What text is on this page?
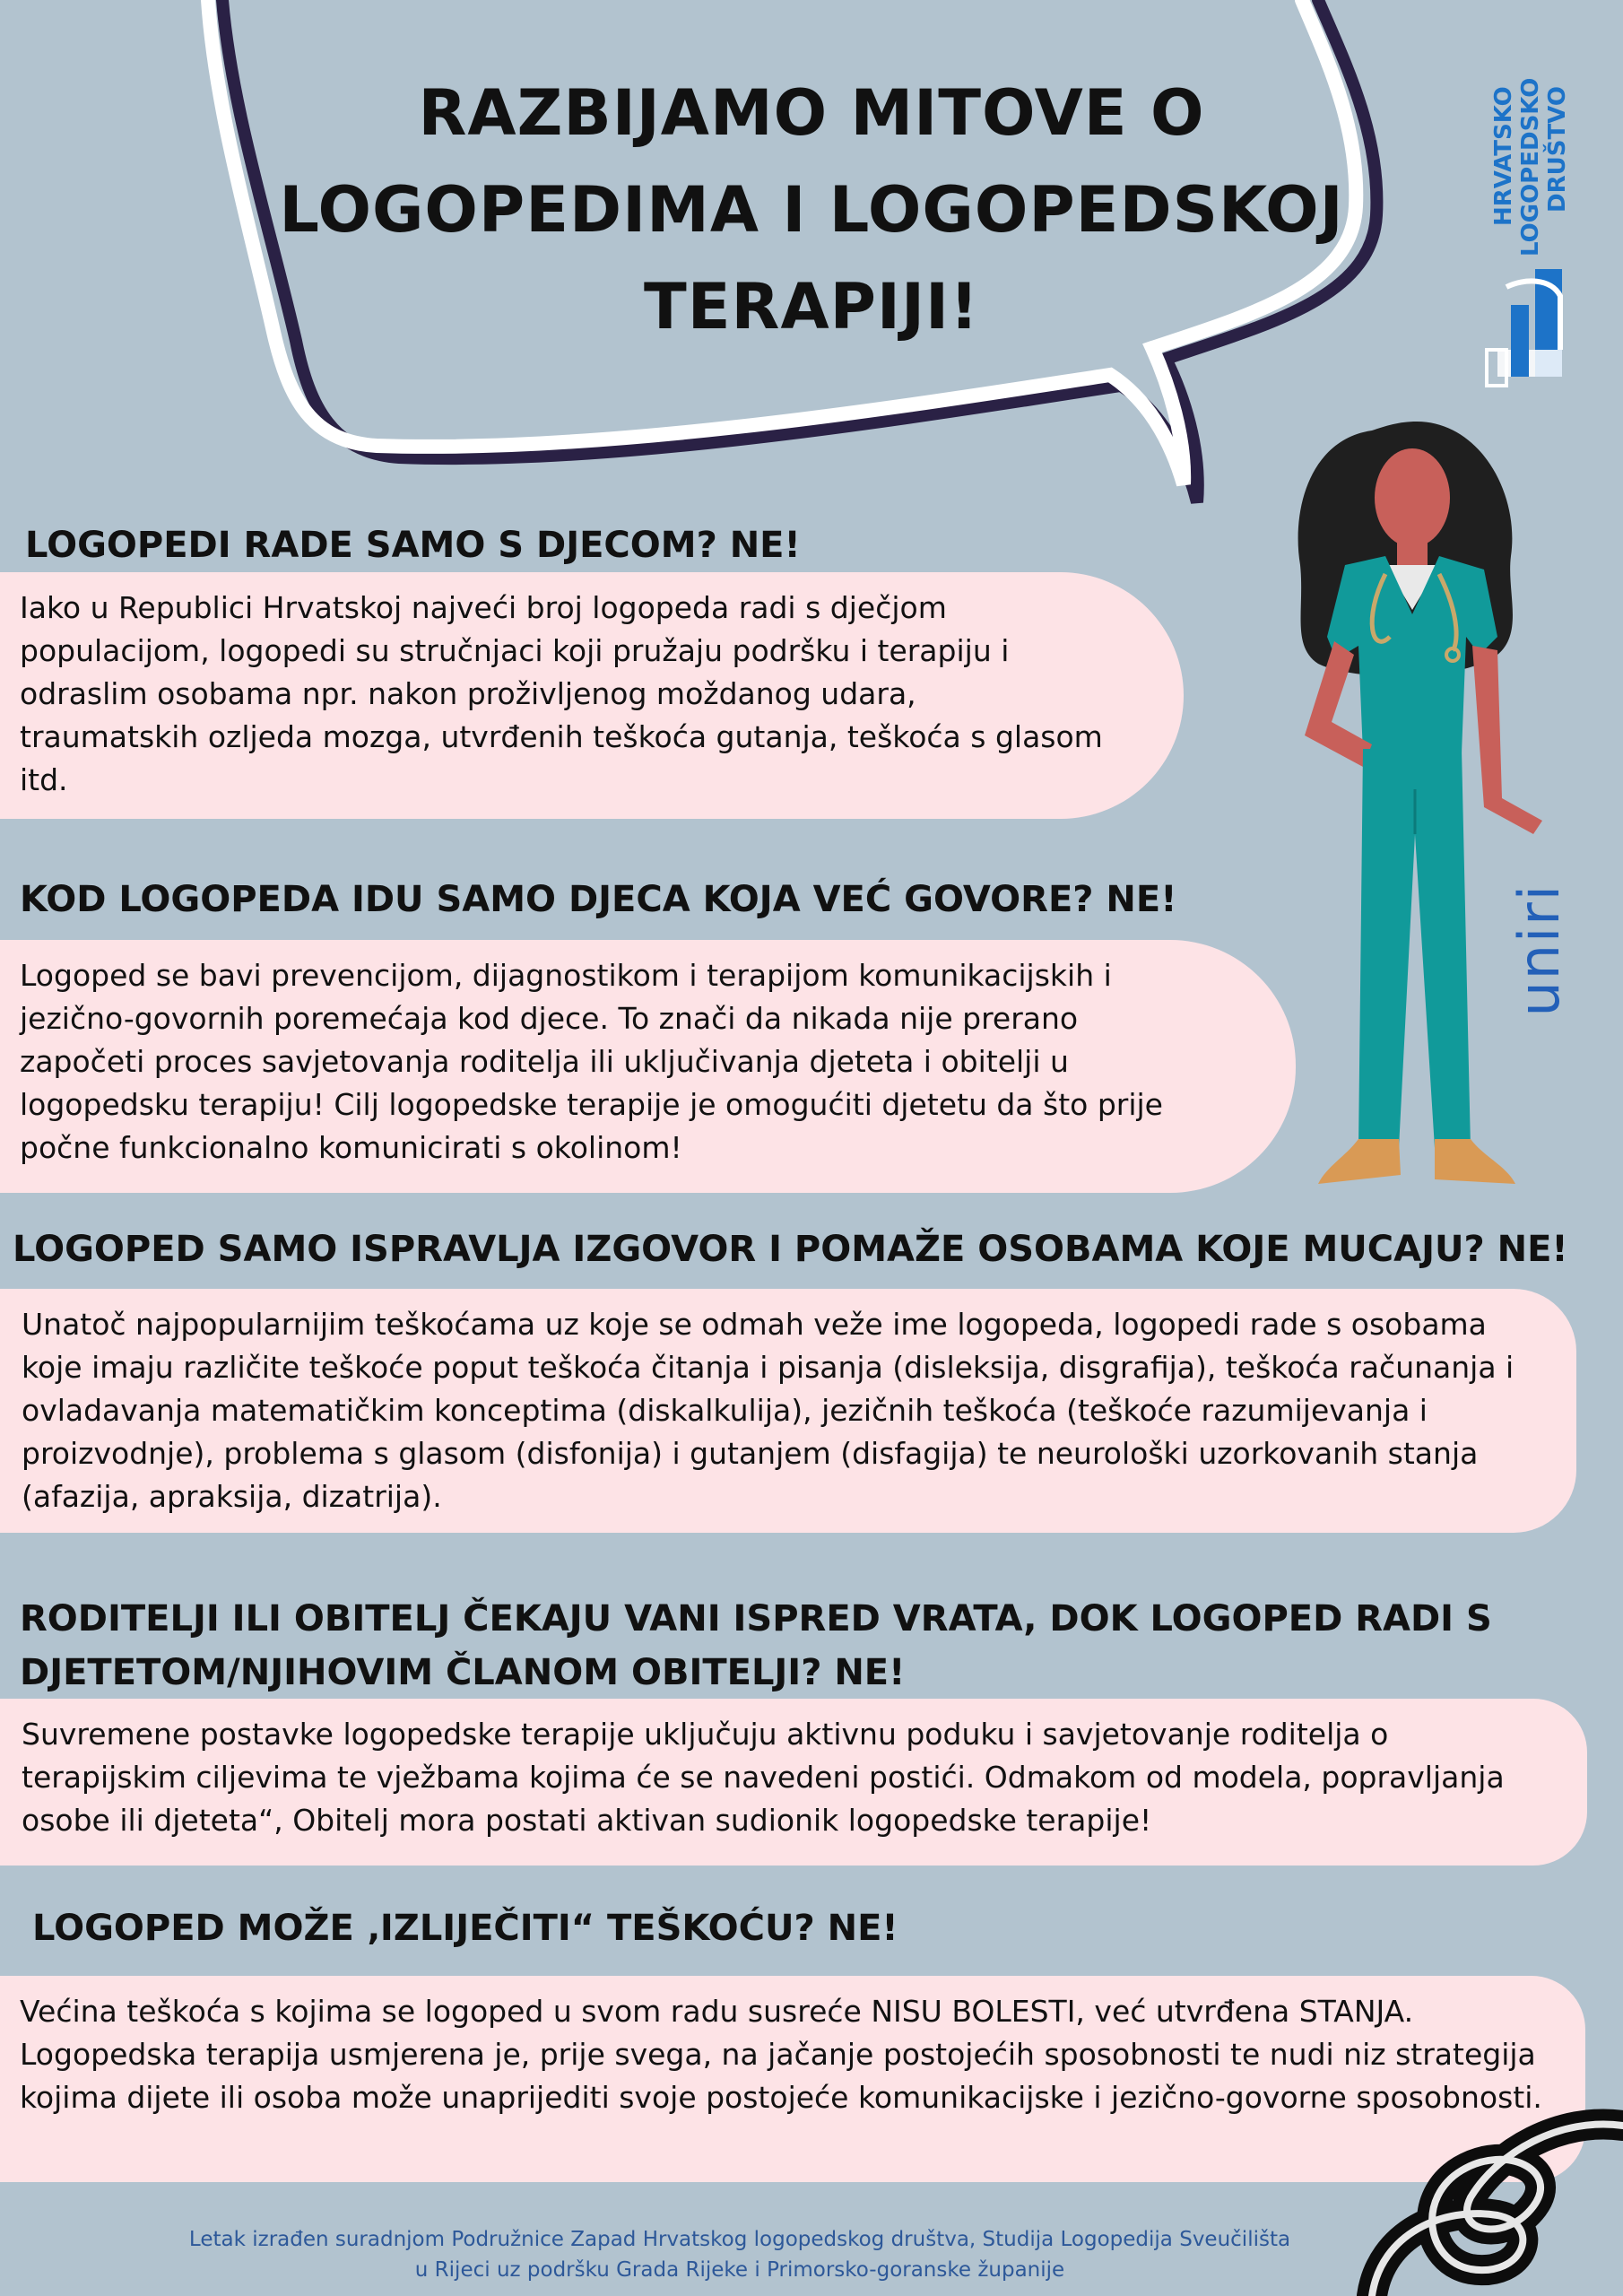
RAZBIJAMO MITOVE O LOGOPEDIMA I LOGOPEDSKOJ TERAPIJI!
HRVATSKO
LOGOPEDSKO
DRUŠTVO
uniri
LOGOPEDI RADE SAMO S DJECOM? NE!
Iako u Republici Hrvatskoj najveći broj logopeda radi s dječjom populacijom, logopedi su stručnjaci koji pružaju podršku i terapiju i odraslim osobama npr. nakon proživljenog moždanog udara, traumatskih ozljeda mozga, utvrđenih teškoća gutanja, teškoća s glasom itd.
KOD LOGOPEDA IDU SAMO DJECA KOJA VEĆ GOVORE? NE!
Logoped se bavi prevencijom, dijagnostikom i terapijom komunikacijskih i jezično-govornih poremećaja kod djece. To znači da nikada nije prerano započeti proces savjetovanja roditelja ili uključivanja djeteta i obitelji u logopedsku terapiju! Cilj logopedske terapije je omogućiti djetetu da što prije počne funkcionalno komunicirati s okolinom!
LOGOPED SAMO ISPRAVLJA IZGOVOR I POMAŽE OSOBAMA KOJE MUCAJU? NE!
Unatoč najpopularnijim teškoćama uz koje se odmah veže ime logopeda, logopedi rade s osobama koje imaju različite teškoće poput teškoća čitanja i pisanja (disleksija, disgrafija), teškoća računanja i ovladavanja matematičkim konceptima (diskalkulija), jezičnih teškoća (teškoće razumijevanja i proizvodnje), problema s glasom (disfonija) i gutanjem (disfagija) te neurološki uzorkovanih stanja (afazija, apraksija, dizatrija).
RODITELJI ILI OBITELJ ČEKAJU VANI ISPRED VRATA, DOK LOGOPED RADI S DJETETOM/NJIHOVIM ČLANOM OBITELJI? NE!
Suvremene postavke logopedske terapije uključuju aktivnu poduku i savjetovanje roditelja o terapijskim ciljevima te vježbama kojima će se navedeni postići. Odmakom od modela, popravljanja osobe ili djeteta“, Obitelj mora postati aktivan sudionik logopedske terapije!
LOGOPED MOŽE ‚IZLIJEČITI“ TEŠKOĆU? NE!
Većina teškoća s kojima se logoped u svom radu susreće NISU BOLESTI, već utvrđena STANJA. Logopedska terapija usmjerena je, prije svega, na jačanje postojećih sposobnosti te nudi niz strategija kojima dijete ili osoba može unaprijediti svoje postojeće komunikacijske i jezično-govorne sposobnosti.
Letak izrađen suradnjom Podružnice Zapad Hrvatskog logopedskog društva, Studija Logopedija Sveučilišta u Rijeci uz podršku Grada Rijeke i Primorsko-goranske županije
